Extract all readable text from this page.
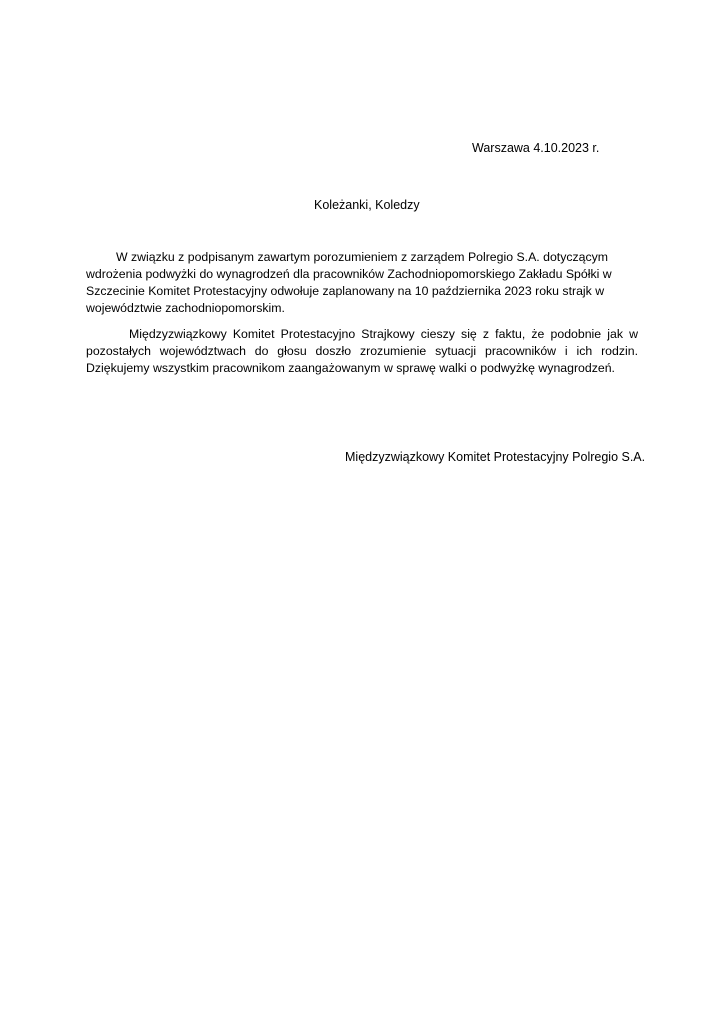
Warszawa 4.10.2023 r.
Koleżanki, Koledzy

W związku z podpisanym zawartym porozumieniem z zarządem Polregio S.A. dotyczącym wdrożenia podwyżki do wynagrodzeń dla pracowników Zachodniopomorskiego Zakładu Spółki w Szczecinie Komitet Protestacyjny odwołuje zaplanowany na 10 października 2023 roku strajk w województwie zachodniopomorskim.

Międzyzwiązkowy Komitet Protestacyjno Strajkowy cieszy się z faktu, że podobnie jak w pozostałych województwach do głosu doszło zrozumienie sytuacji pracowników i ich rodzin. Dziękujemy wszystkim pracownikom zaangażowanym w sprawę walki o podwyżkę wynagrodzeń.

Międzyzwiązkowy Komitet Protestacyjny Polregio S.A.
